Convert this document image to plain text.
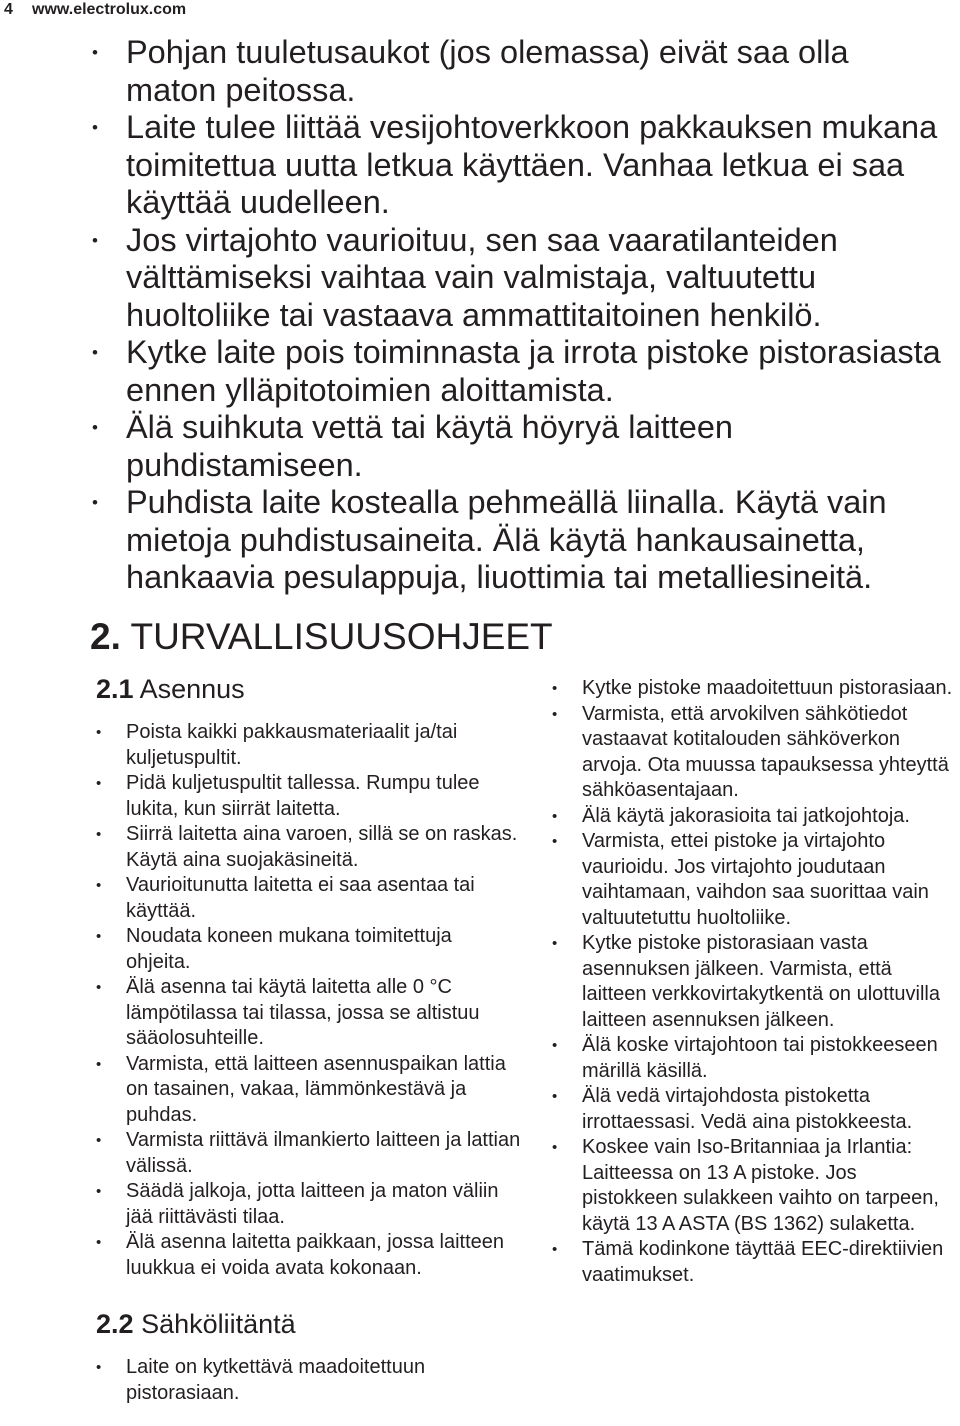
4 www.electrolux.com
• Pohjan tuuletusaukot (jos olemassa) eivät saa olla maton peitossa.
• Laite tulee liittää vesijohtoverkkoon pakkauksen mukana toimitettua uutta letkua käyttäen. Vanhaa letkua ei saa käyttää uudelleen.
• Jos virtajohto vaurioituu, sen saa vaaratilanteiden välttämiseksi vaihtaa vain valmistaja, valtuutettu huoltoliike tai vastaava ammattitaitoinen henkilö.
• Kytke laite pois toiminnasta ja irrota pistoke pistorasiasta ennen ylläpitotoimien aloittamista.
• Älä suihkuta vettä tai käytä höyryä laitteen puhdistamiseen.
• Puhdista laite kostealla pehmeällä liinalla. Käytä vain mietoja puhdistusaineita. Älä käytä hankausainetta, hankaavia pesulappuja, liuottimia tai metalliesineitä.
2. TURVALLISUUSOHJEET
2.1 Asennus
• Poista kaikki pakkausmateriaalit ja/tai kuljetuspultit.
• Pidä kuljetuspultit tallessa. Rumpu tulee lukita, kun siirrät laitetta.
• Siirrä laitetta aina varoen, sillä se on raskas. Käytä aina suojakäsineitä.
• Vaurioitunutta laitetta ei saa asentaa tai käyttää.
• Noudata koneen mukana toimitettuja ohjeita.
• Älä asenna tai käytä laitetta alle 0 °C lämpötilassa tai tilassa, jossa se altistuu sääolosuhteille.
• Varmista, että laitteen asennuspaikan lattia on tasainen, vakaa, lämmönkestävä ja puhdas.
• Varmista riittävä ilmankierto laitteen ja lattian välissä.
• Säädä jalkoja, jotta laitteen ja maton väliin jää riittävästi tilaa.
• Älä asenna laitetta paikkaan, jossa laitteen luukkua ei voida avata kokonaan.
2.2 Sähköliitäntä
• Laite on kytkettävä maadoitettuun pistorasiaan.
• Kytke pistoke maadoitettuun pistorasiaan.
• Varmista, että arvokilven sähkötiedot vastaavat kotitalouden sähköverkon arvoja. Ota muussa tapauksessa yhteyttä sähköasentajaan.
• Älä käytä jakorasioita tai jatkojohtoja.
• Varmista, ettei pistoke ja virtajohto vaurioidu. Jos virtajohto joudutaan vaihtamaan, vaihdon saa suorittaa vain valtuutetuttu huoltoliike.
• Kytke pistoke pistorasiaan vasta asennuksen jälkeen. Varmista, että laitteen verkkovirtakytkentä on ulottuvilla laitteen asennuksen jälkeen.
• Älä koske virtajohtoon tai pistokkeeseen märillä käsillä.
• Älä vedä virtajohdosta pistoketta irrottaessasi. Vedä aina pistokkeesta.
• Koskee vain Iso-Britanniaa ja Irlantia: Laitteessa on 13 A pistoke. Jos pistokkeen sulakkeen vaihto on tarpeen, käytä 13 A ASTA (BS 1362) sulaketta.
• Tämä kodinkone täyttää EEC-direktiivien vaatimukset.
